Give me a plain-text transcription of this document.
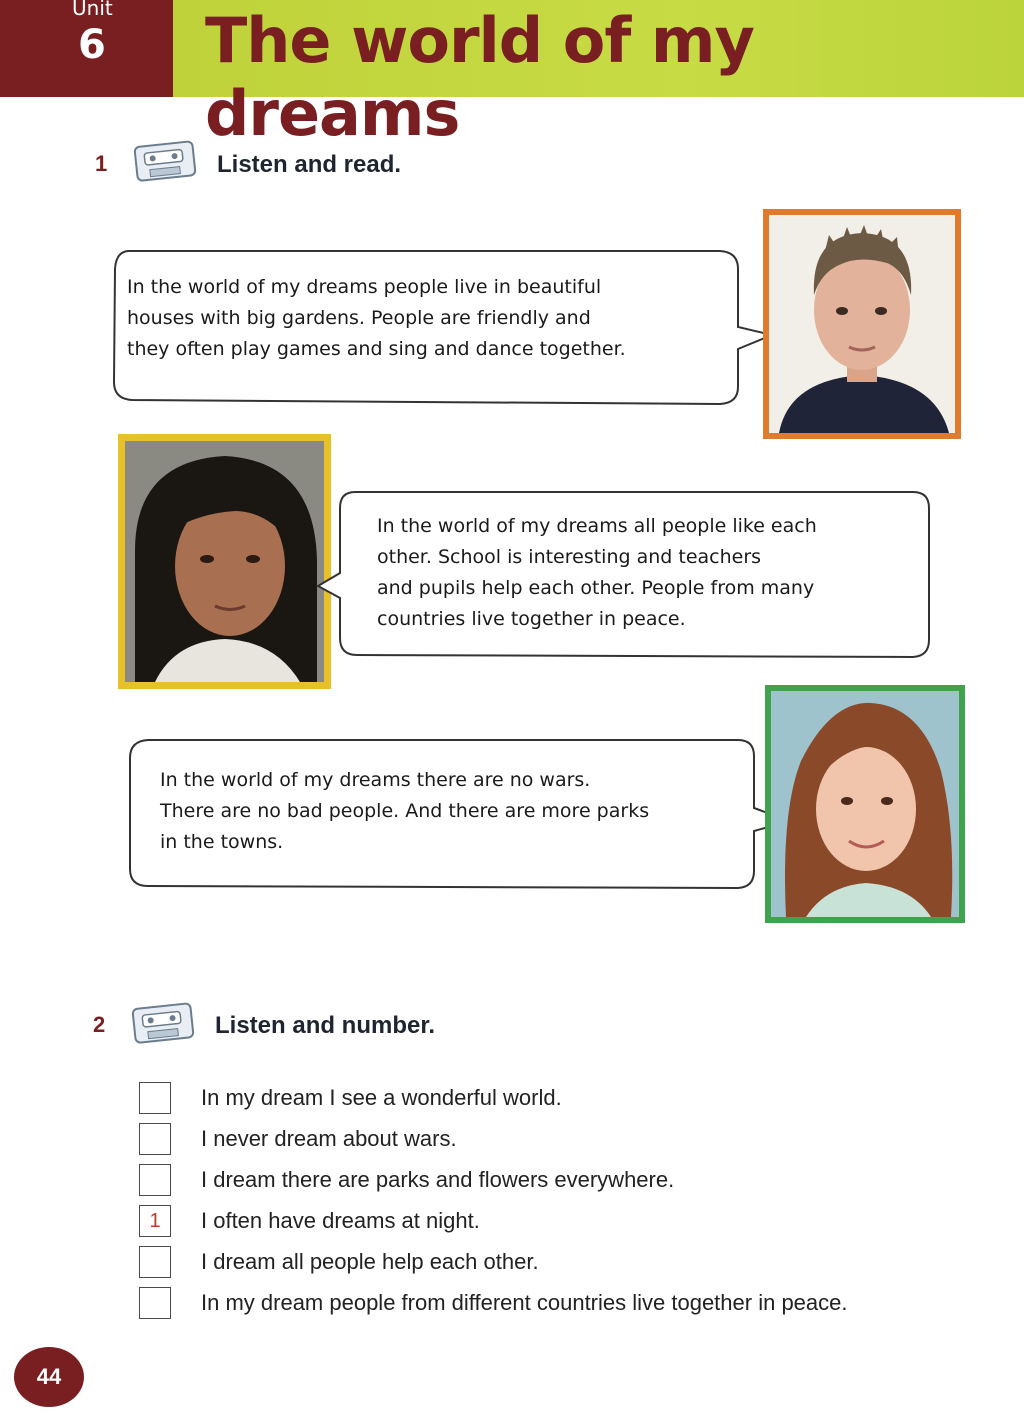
Unit
6 The world of my dreams
1	Listen and read.
In the world of my dreams people live in beautiful
houses with big gardens. People are friendly and
they often play games and sing and dance together.
In the world of my dreams all people like each
other. School is interesting and teachers
and pupils help each other. People from many
countries live together in peace.
In the world of my dreams there are no wars.
There are no bad people. And there are more parks
in the towns.
2	Listen and number.
In my dream I see a wonderful world.
I never dream about wars.
I dream there are parks and flowers everywhere.
1	I often have dreams at night.
I dream all people help each other.
In my dream people from different countries live together in peace.
44
